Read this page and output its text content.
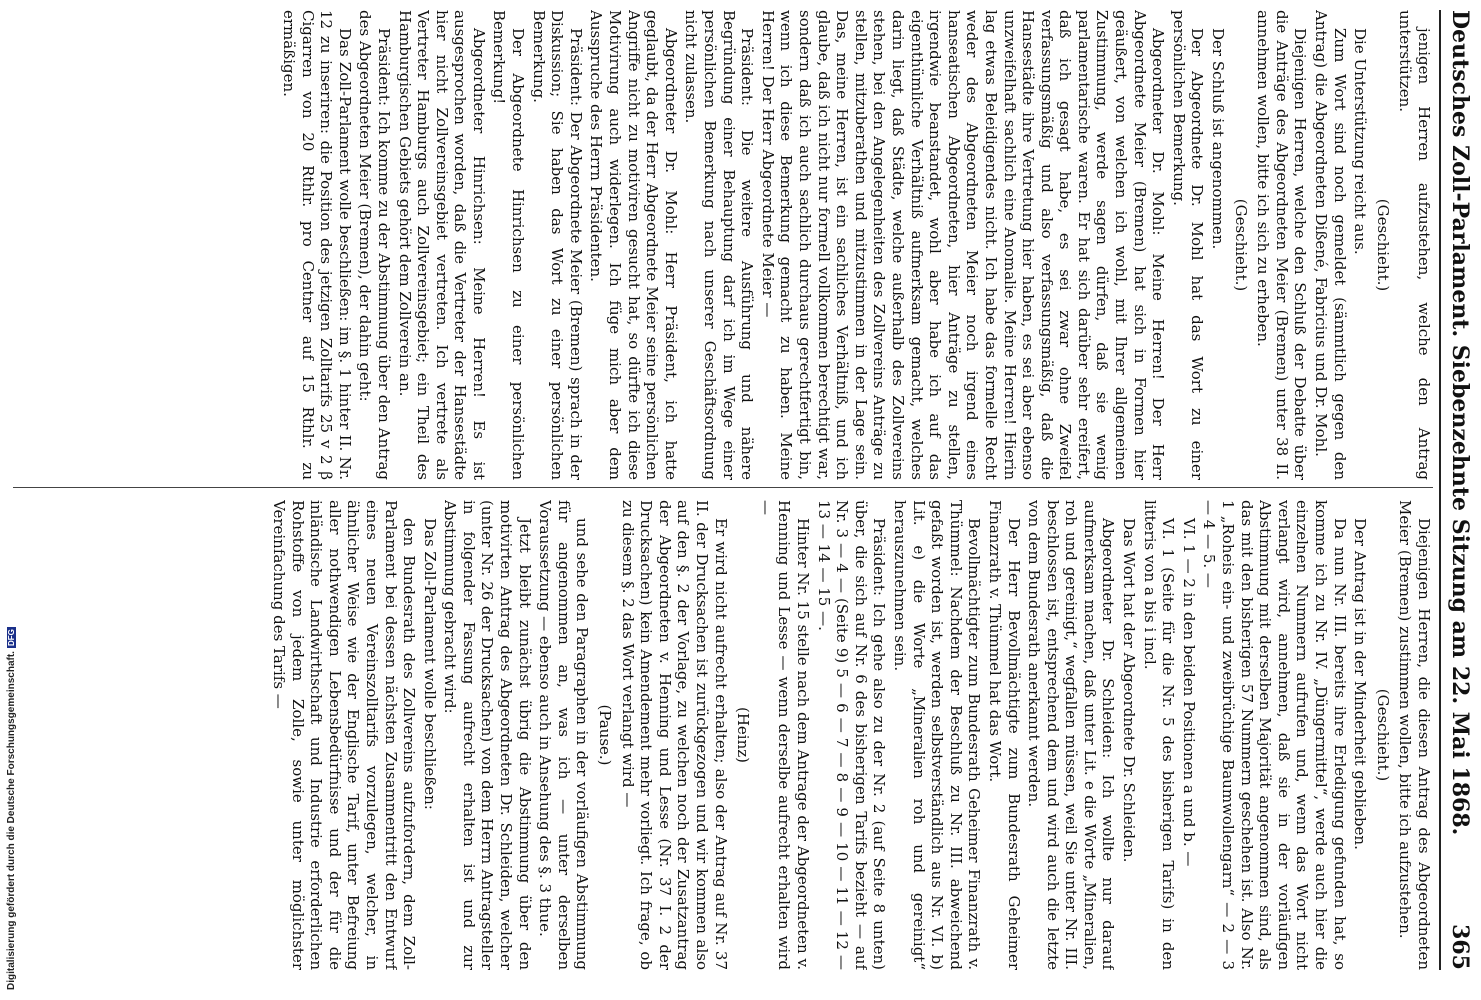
Deutsches Zoll-Parlament. Siebenzehnte Sitzung am 22. Mai 1868.
365

jenigen Herren aufzustehen, welche den Antrag unterstützen.

(Geschieht.)

Die Unterstützung reicht aus.

Zum Wort sind noch gemeldet (sämmtlich gegen den Antrag) die Abgeordneten Dißené, Fabricius und Dr. Mohl.

Diejenigen Herren, welche den Schluß der Debatte über die Anträge des Abgeordneten Meier (Bremen) unter 38 II. annehmen wollen, bitte ich sich zu erheben.

(Geschieht.)

Der Schluß ist angenommen.

Der Abgeordnete Dr. Mohl hat das Wort zu einer persönlichen Bemerkung.

Abgeordneter Dr. Mohl: Meine Herren! Der Herr Abgeordnete Meier (Bremen) hat sich in Formen hier geäußert, von welchen ich wohl, mit Ihrer allgemeinen Zustimmung, werde sagen dürfen, daß sie wenig parlamentarische waren. Er hat sich darüber sehr ereifert, daß ich gesagt habe, es sei zwar ohne Zweifel verfassungsmäßig und also verfassungsmäßig, daß die Hansestädte ihre Vertretung hier haben, es sei aber ebenso unzweifelhaft sachlich eine Anomalie. Meine Herren! Hierin lag etwas Beleidigendes nicht. Ich habe das formelle Recht weder des Abgeordneten Meier noch irgend eines hanseatischen Abgeordneten, hier Anträge zu stellen, irgendwie beanstandet, wohl aber habe ich auf das eigenthümliche Verhältniß aufmerksam gemacht, welches darin liegt, daß Städte, welche außerhalb des Zollvereins stehen, bei den Angelegenheiten des Zollvereins Anträge zu stellen, mitzuberathen und mitzustimmen in der Lage sein. Das, meine Herren, ist ein sachliches Verhältniß, und ich glaube, daß ich nicht nur formell vollkommen berechtigt war, sondern daß ich auch sachlich durchaus gerechtfertigt bin, wenn ich diese Bemerkung gemacht zu haben. Meine Herren! Der Herr Abgeordnete Meier —

Präsident: Die weitere Ausführung und nähere Begründung einer Behauptung darf ich im Wege einer persönlichen Bemerkung nach unserer Geschäftsordnung nicht zulassen.

Abgeordneter Dr. Mohl: Herr Präsident, ich hatte geglaubt, da der Herr Abgeordnete Meier seine persönlichen Angriffe nicht zu motiviren gesucht hat, so dürfte ich diese Motivirung auch widerlegen. Ich füge mich aber dem Ausspruche des Herrn Präsidenten.

Präsident: Der Abgeordnete Meier (Bremen) sprach in der Diskussion; Sie haben das Wort zu einer persönlichen Bemerkung.

Der Abgeordnete Hinrichsen zu einer persönlichen Bemerkung!

Abgeordneter Hinrichsen: Meine Herren! Es ist ausgesprochen worden, daß die Vertreter der Hansestädte hier nicht Zollvereinsgebiet vertreten. Ich vertrete als Vertreter Hamburgs auch Zollvereinsgebiet; ein Theil des Hamburgischen Gebiets gehört dem Zollverein an.

Präsident: Ich komme zu der Abstimmung über den Antrag des Abgeordneten Meier (Bremen), der dahin geht:

Das Zoll-Parlament wolle beschließen: im §. 1 hinter II. Nr. 12 zu inseriren: die Position des jetzigen Zolltarifs 25 v 2 β Cigarren von 20 Rthlr. pro Centner auf 15 Rthlr. zu ermäßigen.

Diejenigen Herren, die diesen Antrag des Abgeordneten Meier (Bremen) zustimmen wollen, bitte ich aufzustehen.

(Geschieht.)

Der Antrag ist in der Minderheit geblieben.

Da nun Nr. III. bereits ihre Erledigung gefunden hat, so komme ich zu Nr. IV. „Düngermittel“, werde auch hier die einzelnen Nummern aufrufen und, wenn das Wort nicht verlangt wird, annehmen, daß sie in der vorläufigen Abstimmung mit derselben Majorität angenommen sind, als das mit den bisherigen 57 Nummern geschehen ist. Also Nr. 1 „Roheis ein- und zweibrüchige Baumwollengarn“ — 2 — 3 — 4 — 5. —

VI. 1 — 2 in den beiden Positionen a und b. —

VI. 1 (Seite für die Nr. 5 des bisherigen Tarifs) in den litteris von a bis i incl.

Das Wort hat der Abgeordnete Dr. Schleiden.

Abgeordneter Dr. Schleiden: Ich wollte nur darauf aufmerksam machen, daß unter Lit. e die Worte „Mineralien, roh und gereinigt,“ wegfallen müssen, weil Sie unter Nr. III. beschlossen ist, entsprechend dem und wird auch die letzte von dem Bundesrath anerkannt werden.

Der Herr Bevollmächtigte zum Bundesrath Geheimer Finanzrath v. Thümmel hat das Wort.

Bevollmächtigter zum Bundesrath Geheimer Finanzrath v. Thümmel: Nachdem der Beschluß zu Nr. III. abweichend gefaßt worden ist, werden selbstverständlich aus Nr. VI. b) Lit. e) die Worte „Mineralien roh und gereinigt“ herauszunehmen sein.

Präsident: Ich gehe also zu der Nr. 2 (auf Seite 8 unten) über, die sich auf Nr. 6 des bisherigen Tarifs bezieht — auf Nr. 3 — 4 — (Seite 9) 5 — 6 — 7 — 8 — 9 — 10 — 11 — 12 — 13 — 14 — 15 —.

Hinter Nr. 15 stelle nach dem Antrage der Abgeordneten v. Henning und Lesse — wenn derselbe aufrecht erhalten wird —

(Heinz)

Er wird nicht aufrecht erhalten; also der Antrag auf Nr. 37 II. der Drucksachen ist zurückgezogen und wir kommen also auf den §. 2 der Vorlage, zu welchen noch der Zusatzantrag der Abgeordneten v. Henning und Lesse (Nr. 37 I. 2 der Drucksachen) kein Amendement mehr vorliegt. Ich frage, ob zu diesem §. 2 das Wort verlangt wird —

(Pause.)

und sehe den Paragraphen in der vorläufigen Abstimmung für angenommen an, was ich — unter derselben Voraussetzung — ebenso auch in Ansehung des §. 3 thue.

Jetzt bleibt zunächst übrig die Abstimmung über den motivirten Antrag des Abgeordneten Dr. Schleiden, welcher (unter Nr. 26 der Drucksachen) von dem Herrn Antragsteller in folgender Fassung aufrecht erhalten ist und zur Abstimmung gebracht wird:

Das Zoll-Parlament wolle beschließen:

den Bundesrath des Zollvereins aufzufordern, dem Zoll-Parlament bei dessen nächsten Zusammentritt den Entwurf eines neuen Vereinszolltarifs vorzulegen, welcher, in ähnlicher Weise wie der Englische Tarif, unter Befreiung aller nothwendigen Lebensbedürfnisse und der für die inländische Landwirthschaft und Industrie erforderlichen Rohstoffe von jedem Zolle, sowie unter möglichster Vereinfachung des Tarifs —

Digitalisierung gefördert durch die Deutsche Forschungsgemeinschaft.DFG
